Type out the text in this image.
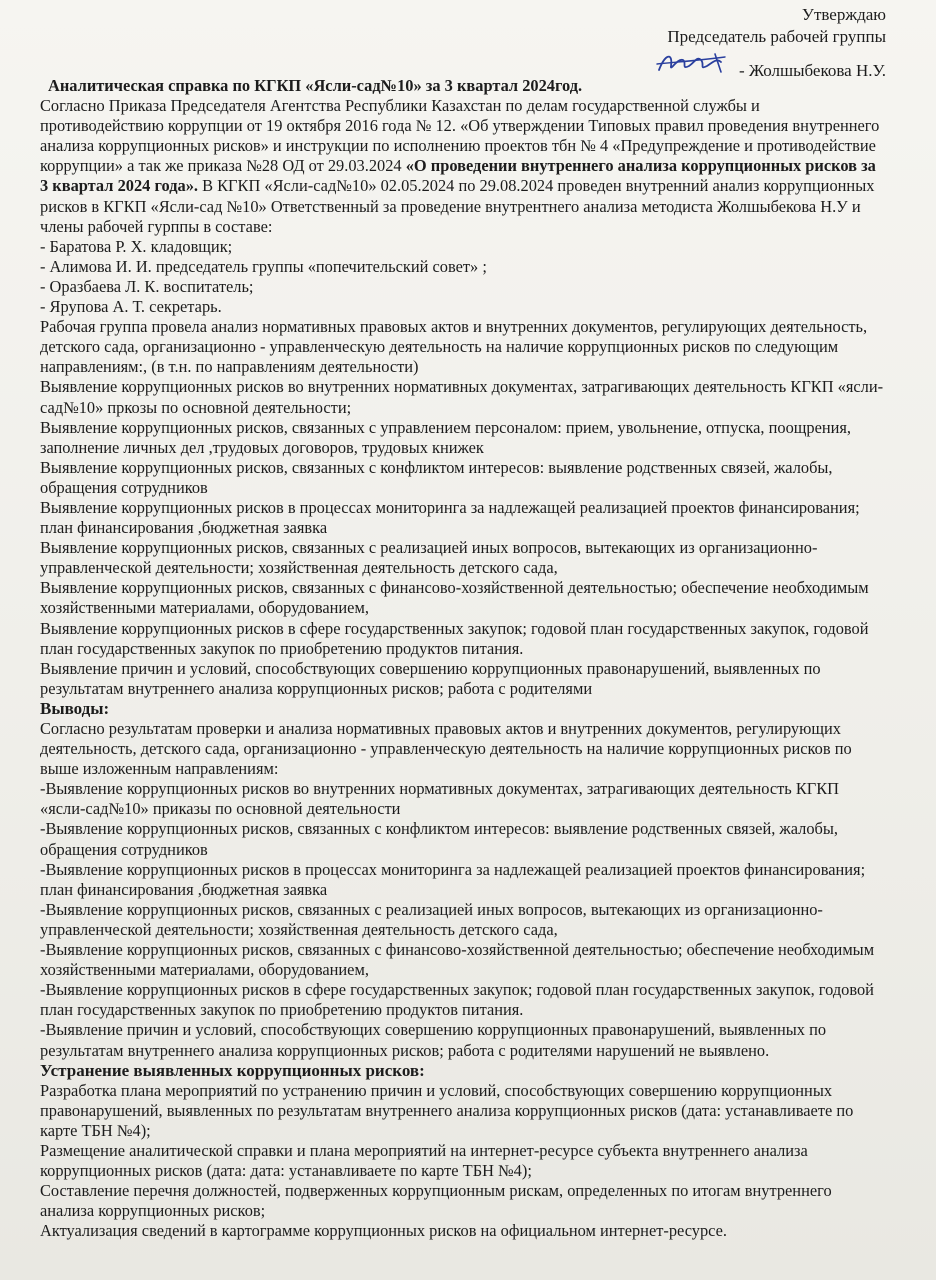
Утверждаю
Председатель рабочей группы
- Жолшыбекова Н.У.

Аналитическая справка по КГКП «Ясли-сад№10» за 3 квартал 2024год.

Согласно Приказа Председателя Агентства Республики Казахстан по делам государственной службы и противодействию коррупции от 19 октября 2016 года № 12. «Об утверждении Типовых правил проведения внутреннего анализа коррупционных рисков» и инструкции по исполнению проектов тбн № 4 «Предупреждение и противодействие коррупции» а так же приказа №28 ОД от 29.03.2024 «О проведении внутреннего анализа коррупционных рисков за 3 квартал 2024 года». В КГКП «Ясли-сад№10» 02.05.2024 по 29.08.2024 проведен внутренний анализ коррупционных рисков в КГКП «Ясли-сад №10» Ответственный за проведение внутрентнего анализа методиста Жолшыбекова Н.У и члены рабочей гурппы в составе:

- Баратова Р. Х. кладовщик;

- Алимова И. И. председатель группы «попечительский совет» ;

- Оразбаева Л. К. воспитатель;

- Ярупова А. Т. секретарь.

Рабочая группа провела анализ нормативных правовых актов и внутренних документов, регулирующих деятельность, детского сада, организационно - управленческую деятельность на наличие коррупционных рисков по следующим направлениям:, (в т.н. по направлениям деятельности)

Выявление коррупционных рисков во внутренних нормативных документах, затрагивающих деятельность КГКП «ясли-сад№10» пркозы по основной деятельности;

Выявление коррупционных рисков, связанных с управлением персоналом: прием, увольнение, отпуска, поощрения, заполнение личных дел ,трудовых договоров, трудовых книжек

Выявление коррупционных рисков, связанных с конфликтом интересов: выявление родственных связей, жалобы, обращения сотрудников

Выявление коррупционных рисков в процессах мониторинга за надлежащей реализацией проектов финансирования; план финансирования ,бюджетная заявка

Выявление коррупционных рисков, связанных с реализацией иных вопросов, вытекающих из организационно-управленческой деятельности; хозяйственная деятельность детского сада,

Выявление коррупционных рисков, связанных с финансово-хозяйственной деятельностью; обеспечение необходимым хозяйственными материалами, оборудованием,

Выявление коррупционных рисков в сфере государственных закупок; годовой план государственных закупок, годовой план государственных закупок по приобретению продуктов питания.

Выявление причин и условий, способствующих совершению коррупционных правонарушений, выявленных по результатам внутреннего анализа коррупционных рисков; работа с родителями

Выводы:

Согласно результатам проверки и анализа нормативных правовых актов и внутренних документов, регулирующих деятельность, детского сада, организационно - управленческую деятельность на наличие коррупционных рисков по выше изложенным направлениям:

-Выявление коррупционных рисков во внутренних нормативных документах, затрагивающих деятельность КГКП «ясли-сад№10» приказы по основной деятельности

-Выявление коррупционных рисков, связанных с конфликтом интересов: выявление родственных связей, жалобы, обращения сотрудников

-Выявление коррупционных рисков в процессах мониторинга за надлежащей реализацией проектов финансирования; план финансирования ,бюджетная заявка

-Выявление коррупционных рисков, связанных с реализацией иных вопросов, вытекающих из организационно-управленческой деятельности; хозяйственная деятельность детского сада,

-Выявление коррупционных рисков, связанных с финансово-хозяйственной деятельностью; обеспечение необходимым хозяйственными материалами, оборудованием,

-Выявление коррупционных рисков в сфере государственных закупок; годовой план государственных закупок, годовой план государственных закупок по приобретению продуктов питания.

-Выявление причин и условий, способствующих совершению коррупционных правонарушений, выявленных по результатам внутреннего анализа коррупционных рисков; работа с родителями нарушений не выявлено.

Устранение выявленных коррупционных рисков:

Разработка плана мероприятий по устранению причин и условий, способствующих совершению коррупционных правонарушений, выявленных по результатам внутреннего анализа коррупционных рисков (дата: устанавливаете по карте ТБН №4);

Размещение аналитической справки и плана мероприятий на интернет-ресурсе субъекта внутреннего анализа коррупционных рисков (дата: дата: устанавливаете по карте ТБН №4);

Составление перечня должностей, подверженных коррупционным рискам, определенных по итогам внутреннего анализа коррупционных рисков;

Актуализация сведений в картограмме коррупционных рисков на официальном интернет-ресурсе.
